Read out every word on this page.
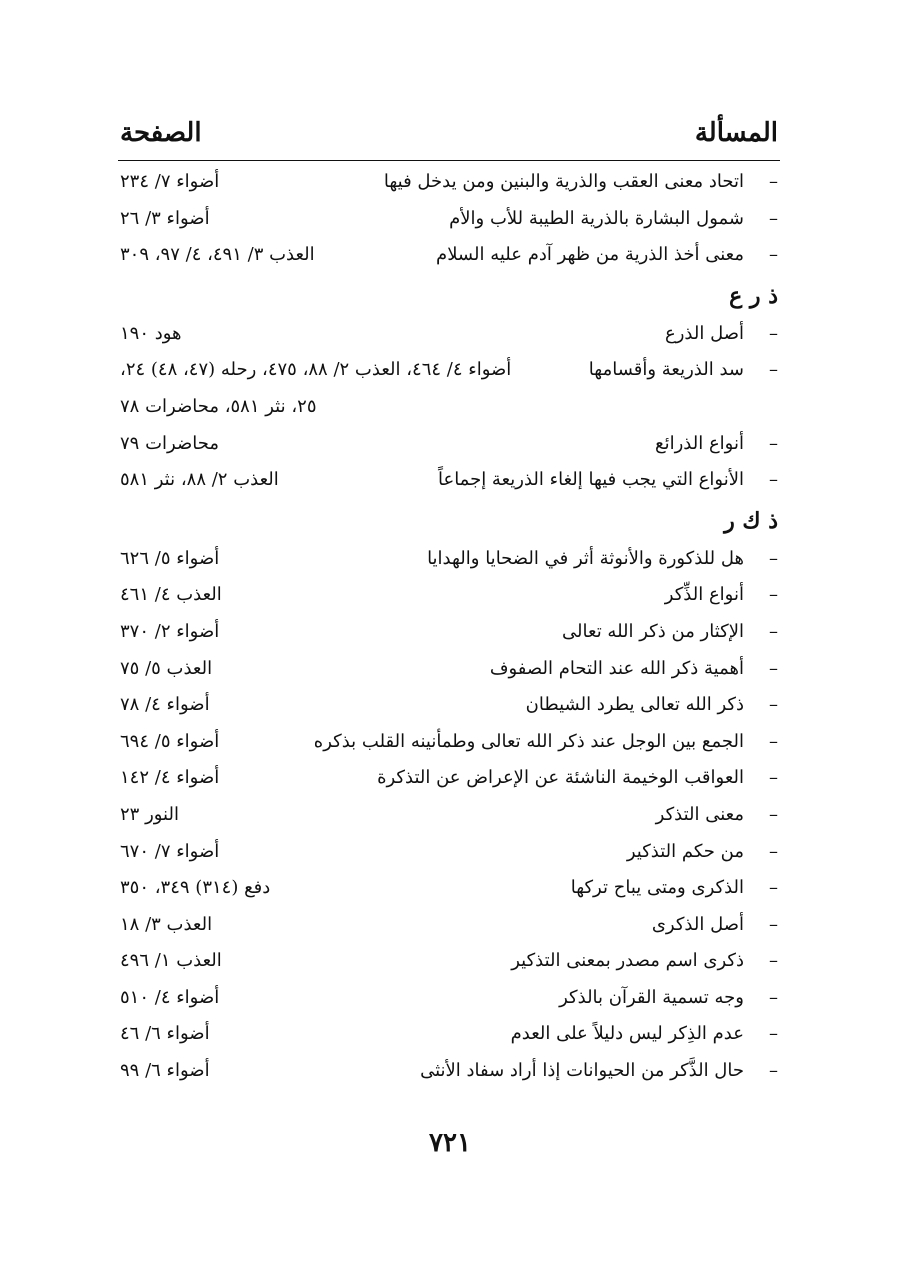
المسألة
الصفحة
–
اتحاد معنى العقب والذرية والبنين ومن يدخل فيها
أضواء ٧/ ٢٣٤
–
شمول البشارة بالذرية الطيبة للأب والأم
أضواء ٣/ ٢٦
–
معنى أخذ الذرية من ظهر آدم عليه السلام
العذب ٣/ ٤٩١، ٤/ ٩٧، ٣٠٩
ذ ر ع
–
أصل الذرع
هود ١٩٠
–
سد الذريعة وأقسامها
أضواء ٤/ ٤٦٤، العذب ٢/ ٨٨، ٤٧٥، رحله (٤٧، ٤٨) ٢٤،
٢٥، نثر ٥٨١، محاضرات ٧٨
–
أنواع الذرائع
محاضرات ٧٩
–
الأنواع التي يجب فيها إلغاء الذريعة إجماعاً
العذب ٢/ ٨٨، نثر ٥٨١
ذ ك ر
–
هل للذكورة والأنوثة أثر في الضحايا والهدايا
أضواء ٥/ ٦٢٦
–
أنواع الذِّكر
العذب ٤/ ٤٦١
–
الإكثار من ذكر الله تعالى
أضواء ٢/ ٣٧٠
–
أهمية ذكر الله عند التحام الصفوف
العذب ٥/ ٧٥
–
ذكر الله تعالى يطرد الشيطان
أضواء ٤/ ٧٨
–
الجمع بين الوجل عند ذكر الله تعالى وطمأنينه القلب بذكره
أضواء ٥/ ٦٩٤
–
العواقب الوخيمة الناشئة عن الإعراض عن التذكرة
أضواء ٤/ ١٤٢
–
معنى التذكر
النور ٢٣
–
من حكم التذكير
أضواء ٧/ ٦٧٠
–
الذكرى ومتى يباح تركها
دفع (٣١٤) ٣٤٩، ٣٥٠
–
أصل الذكرى
العذب ٣/ ١٨
–
ذكرى اسم مصدر بمعنى التذكير
العذب ١/ ٤٩٦
–
وجه تسمية القرآن بالذكر
أضواء ٤/ ٥١٠
–
عدم الذِكر ليس دليلاً على العدم
أضواء ٦/ ٤٦
–
حال الذَّكر من الحيوانات إذا أراد سفاد الأنثى
أضواء ٦/ ٩٩
٧٢١
